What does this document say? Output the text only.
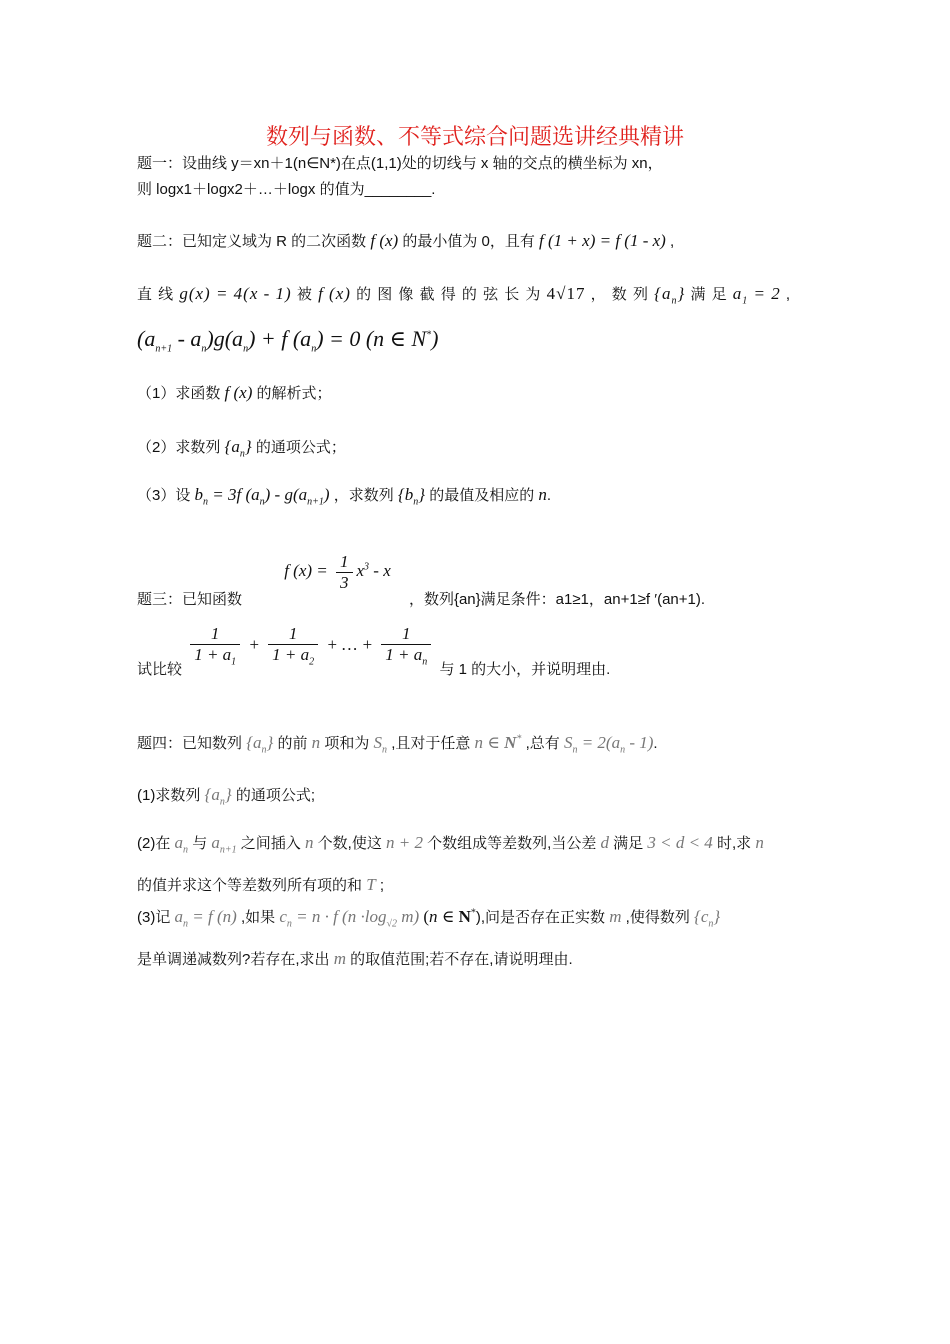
数列与函数、不等式综合问题选讲经典精讲
题一：设曲线 y＝xn＋1(n∈N*)在点(1,1)处的切线与 x 轴的交点的横坐标为 xn，
则 logx1＋logx2＋…＋logx 的值为________.
题二：已知定义域为 R 的二次函数 f (x) 的最小值为 0，且有 f (1 + x) = f (1 - x) ,
直 线 g(x) = 4(x - 1) 被 f (x) 的 图 像 截 得 的 弦 长 为 4√17 ， 数 列 $\{a_n\}$ 满 足 $a_1 = 2$ ,
$(a_{n+1} - a_n)g(a_n) + f$ $(a_n) = 0$ (n ∈ N*)
（1）求函数 f (x) 的解析式；
（2）求数列 $\{a_n\}$ 的通项公式；
（3）设 $b_n = 3f$ $(a_n) - g(a_{n+1})$ ，求数列 $\{b_n\}$ 的最值及相应的 n.
题三：已知函数 f $(x) = \frac{1}{3} x^3 - x$ ，数列{an}满足条件：a1≥1，an+1≥f ′(an+1).
试比较
$\frac{1}{1 + a_1} + \frac{1}{1 + a_2}$ + … + $\frac{1}{1 + a_n}$
与 1 的大小，并说明理由.
题四：已知数列 $\{a_n\}$ 的前 n 项和为 $S_n$ ,且对于任意 n ∈ N* ,总有 $S_n = 2(a_n - 1)$.
(1)求数列 $\{a_n\}$ 的通项公式;
(2)在 $a_n$ 与 $a_{n+1}$ 之间插入 n 个数,使这 n + 2 个数组成等差数列,当公差 d 满足 3 < d < 4 时,求 n
的值并求这个等差数列所有项的和 T ;
(3)记 $a_n = f$ (n) ,如果 $c_n = n \cdot f$ ($n \cdot\log_{√2}$ m) (n ∈ N*),问是否存在正实数 m ,使得数列 $\{c_n\}$
是单调递减数列?若存在,求出 m 的取值范围;若不存在,请说明理由.
